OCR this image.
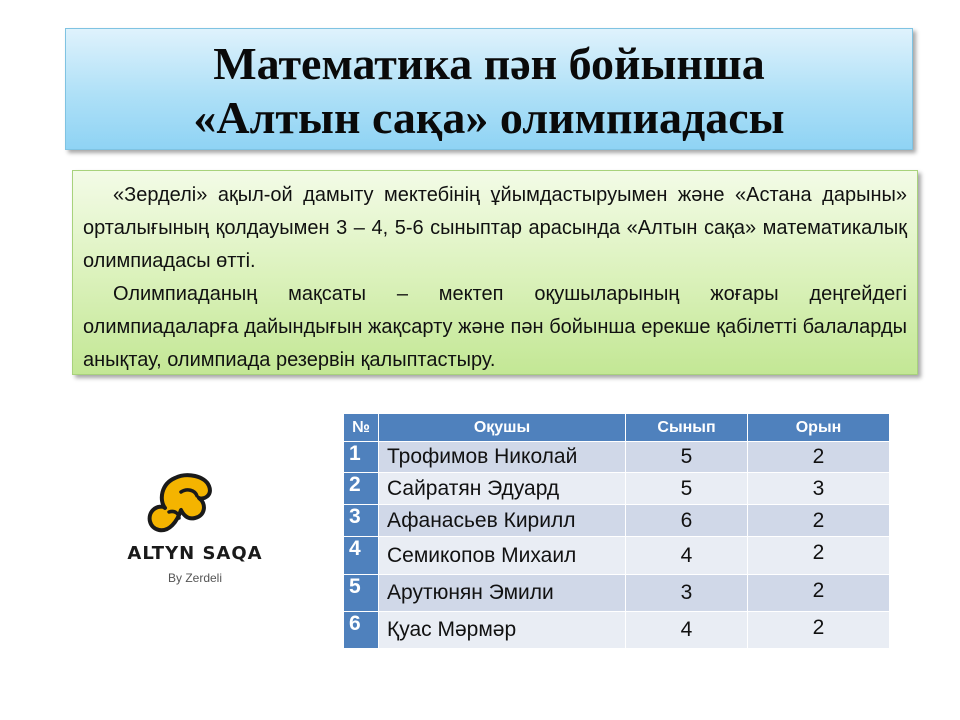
Математика пән бойынша
«Алтын сақа» олимпиадасы

«Зерделі» ақыл-ой дамыту мектебінің ұйымдастыруымен және «Астана дарыны» орталығының қолдауымен 3 – 4, 5-6 сыныптар арасында «Алтын сақа» математикалық олимпиадасы өтті.

Олимпиаданың мақсаты – мектеп оқушыларының жоғары деңгейдегі олимпиадаларға дайындығын жақсарту және пән бойынша ерекше қабілетті балаларды анықтау, олимпиада резервін қалыптастыру.

ALTYN SAQA
By Zerdeli
№	Оқушы	Сынып	Орын
1	Трофимов Николай	5	2
2	Сайратян Эдуард	5	3
3	Афанасьев Кирилл	6	2
4	Семикопов Михаил	4	2
5	Арутюнян Эмили	3	2
6	Қуас Мәрмәр	4	2
